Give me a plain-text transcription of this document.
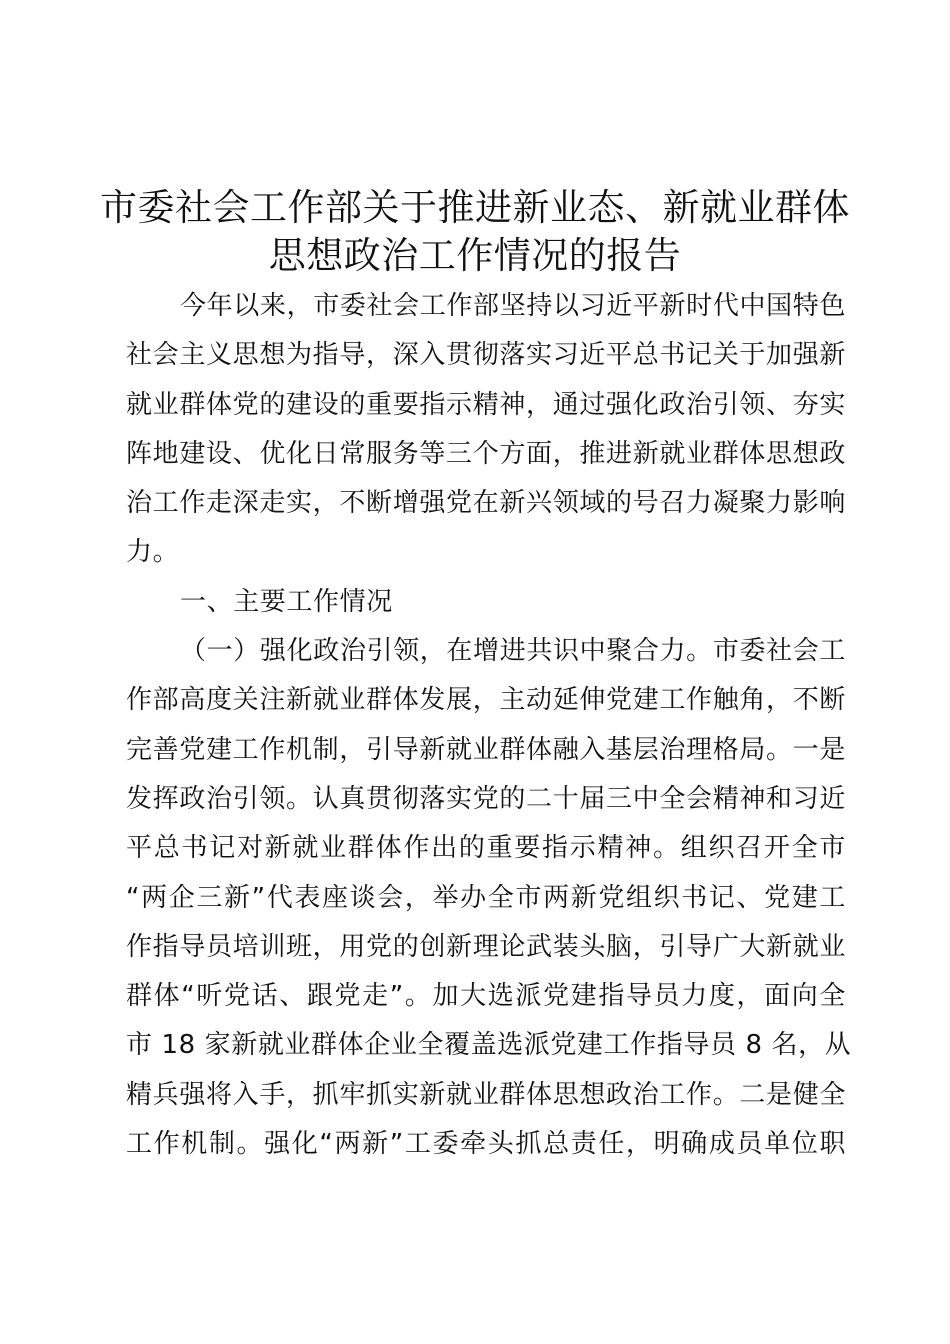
市委社会工作部关于推进新业态、新就业群体
思想政治工作情况的报告
今年以来，市委社会工作部坚持以习近平新时代中国特色
社会主义思想为指导，深入贯彻落实习近平总书记关于加强新
就业群体党的建设的重要指示精神，通过强化政治引领、夯实
阵地建设、优化日常服务等三个方面，推进新就业群体思想政
治工作走深走实，不断增强党在新兴领域的号召力凝聚力影响
力。
一、主要工作情况
（一）强化政治引领，在增进共识中聚合力。市委社会工
作部高度关注新就业群体发展，主动延伸党建工作触角，不断
完善党建工作机制，引导新就业群体融入基层治理格局。一是
发挥政治引领。认真贯彻落实党的二十届三中全会精神和习近
平总书记对新就业群体作出的重要指示精神。组织召开全市
“两企三新”代表座谈会，举办全市两新党组织书记、党建工
作指导员培训班，用党的创新理论武装头脑，引导广大新就业
群体“听党话、跟党走”。加大选派党建指导员力度，面向全
市 18 家新就业群体企业全覆盖选派党建工作指导员 8 名，从
精兵强将入手，抓牢抓实新就业群体思想政治工作。二是健全
工作机制。强化“两新”工委牵头抓总责任，明确成员单位职
